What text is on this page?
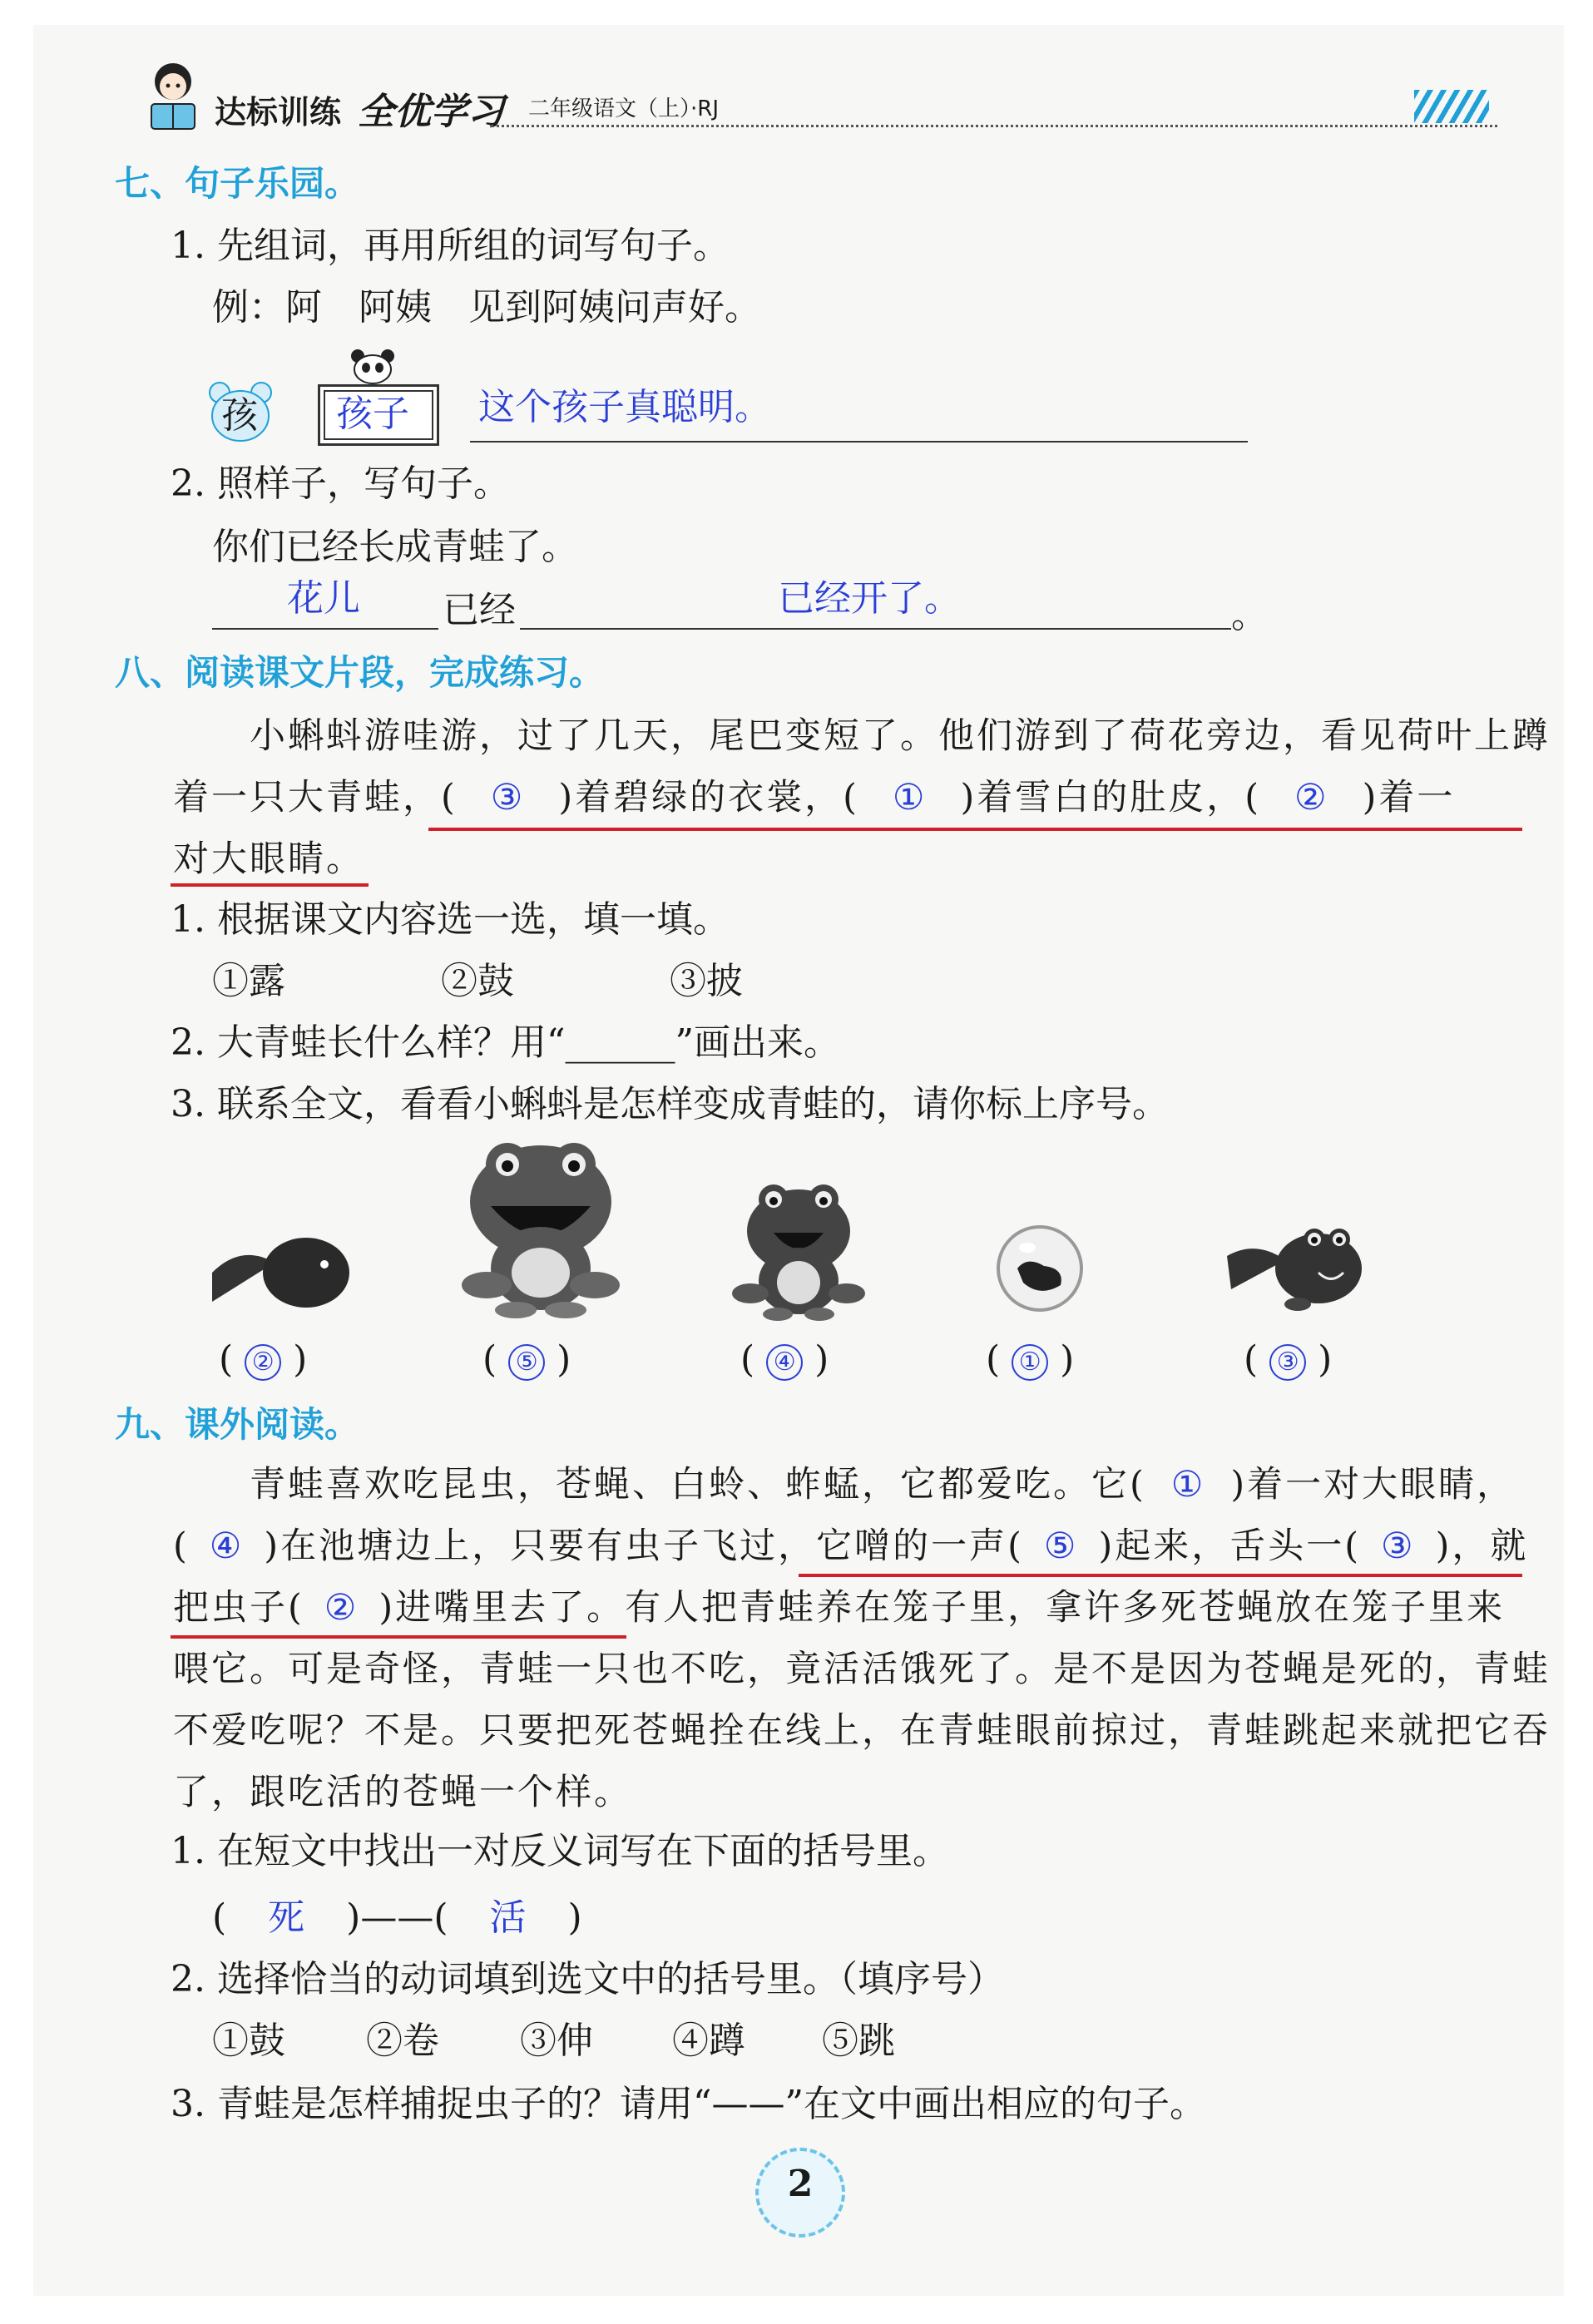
达标训练 全优学习 二年级语文（上）·RJ
七、句子乐园。
1. 先组词，再用所组的词写句子。
例：阿　阿姨　见到阿姨问声好。
孩 孩子 这个孩子真聪明。
2. 照样子，写句子。
你们已经长成青蛙了。
花儿 已经	已经开了。	。
八、阅读课文片段，完成练习。
小蝌蚪游哇游，过了几天，尾巴变短了。他们游到了荷花旁边，看见荷叶上蹲
着一只大青蛙，( ③ )着碧绿的衣裳，( ① )着雪白的肚皮，( ② )着一
对大眼睛。
1. 根据课文内容选一选，填一填。
①露	②鼓	③披
2. 大青蛙长什么样？用“______”画出来。
3. 联系全文，看看小蝌蚪是怎样变成青蛙的，请你标上序号。
( ② )	( ⑤ )	( ④ )	( ① )	( ③ )
九、课外阅读。
青蛙喜欢吃昆虫，苍蝇、白蛉、蚱蜢，它都爱吃。它( ① )着一对大眼睛，
( ④ )在池塘边上，只要有虫子飞过，它噌的一声( ⑤ )起来，舌头一( ③ )，就
把虫子( ② )进嘴里去了。有人把青蛙养在笼子里，拿许多死苍蝇放在笼子里来
喂它。可是奇怪，青蛙一只也不吃，竟活活饿死了。是不是因为苍蝇是死的，青蛙
不爱吃呢？不是。只要把死苍蝇拴在线上，在青蛙眼前掠过，青蛙跳起来就把它吞
了，跟吃活的苍蝇一个样。
1. 在短文中找出一对反义词写在下面的括号里。
( 死 )——( 活 )
2. 选择恰当的动词填到选文中的括号里。（填序号）
①鼓 ②卷 ③伸 ④蹲 ⑤跳
3. 青蛙是怎样捕捉虫子的？请用“——”在文中画出相应的句子。
2
